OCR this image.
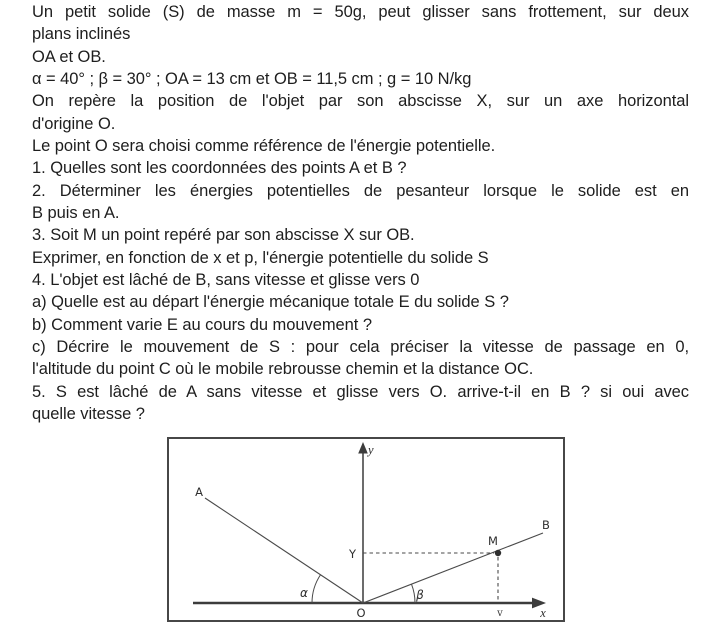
Un petit solide (S) de masse m = 50g, peut glisser sans frottement, sur deux
plans inclinés
OA et OB.
α = 40° ; β = 30° ; OA = 13 cm et OB = 11,5 cm ; g = 10 N/kg
On repère la position de l'objet par son abscisse X, sur un axe horizontal
d'origine O.
Le point O sera choisi comme référence de l'énergie potentielle.
1. Quelles sont les coordonnées des points A et B ?
2. Déterminer les énergies potentielles de pesanteur lorsque le solide est en
B puis en A.
3. Soit M un point repéré par son abscisse X sur OB.
Exprimer, en fonction de x et p, l'énergie potentielle du solide S
4. L'objet est lâché de B, sans vitesse et glisse vers 0
a) Quelle est au départ l'énergie mécanique totale E du solide S ?
b) Comment varie E au cours du mouvement ?
c) Décrire le mouvement de S : pour cela préciser la vitesse de passage en 0,
l'altitude du point C où le mobile rebrousse chemin et la distance OC.
5. S est lâché de A sans vitesse et glisse vers O. arrive-t-il en B ? si oui avec
quelle vitesse ?
A
B
M
Y
O	v	x
y
α	β
